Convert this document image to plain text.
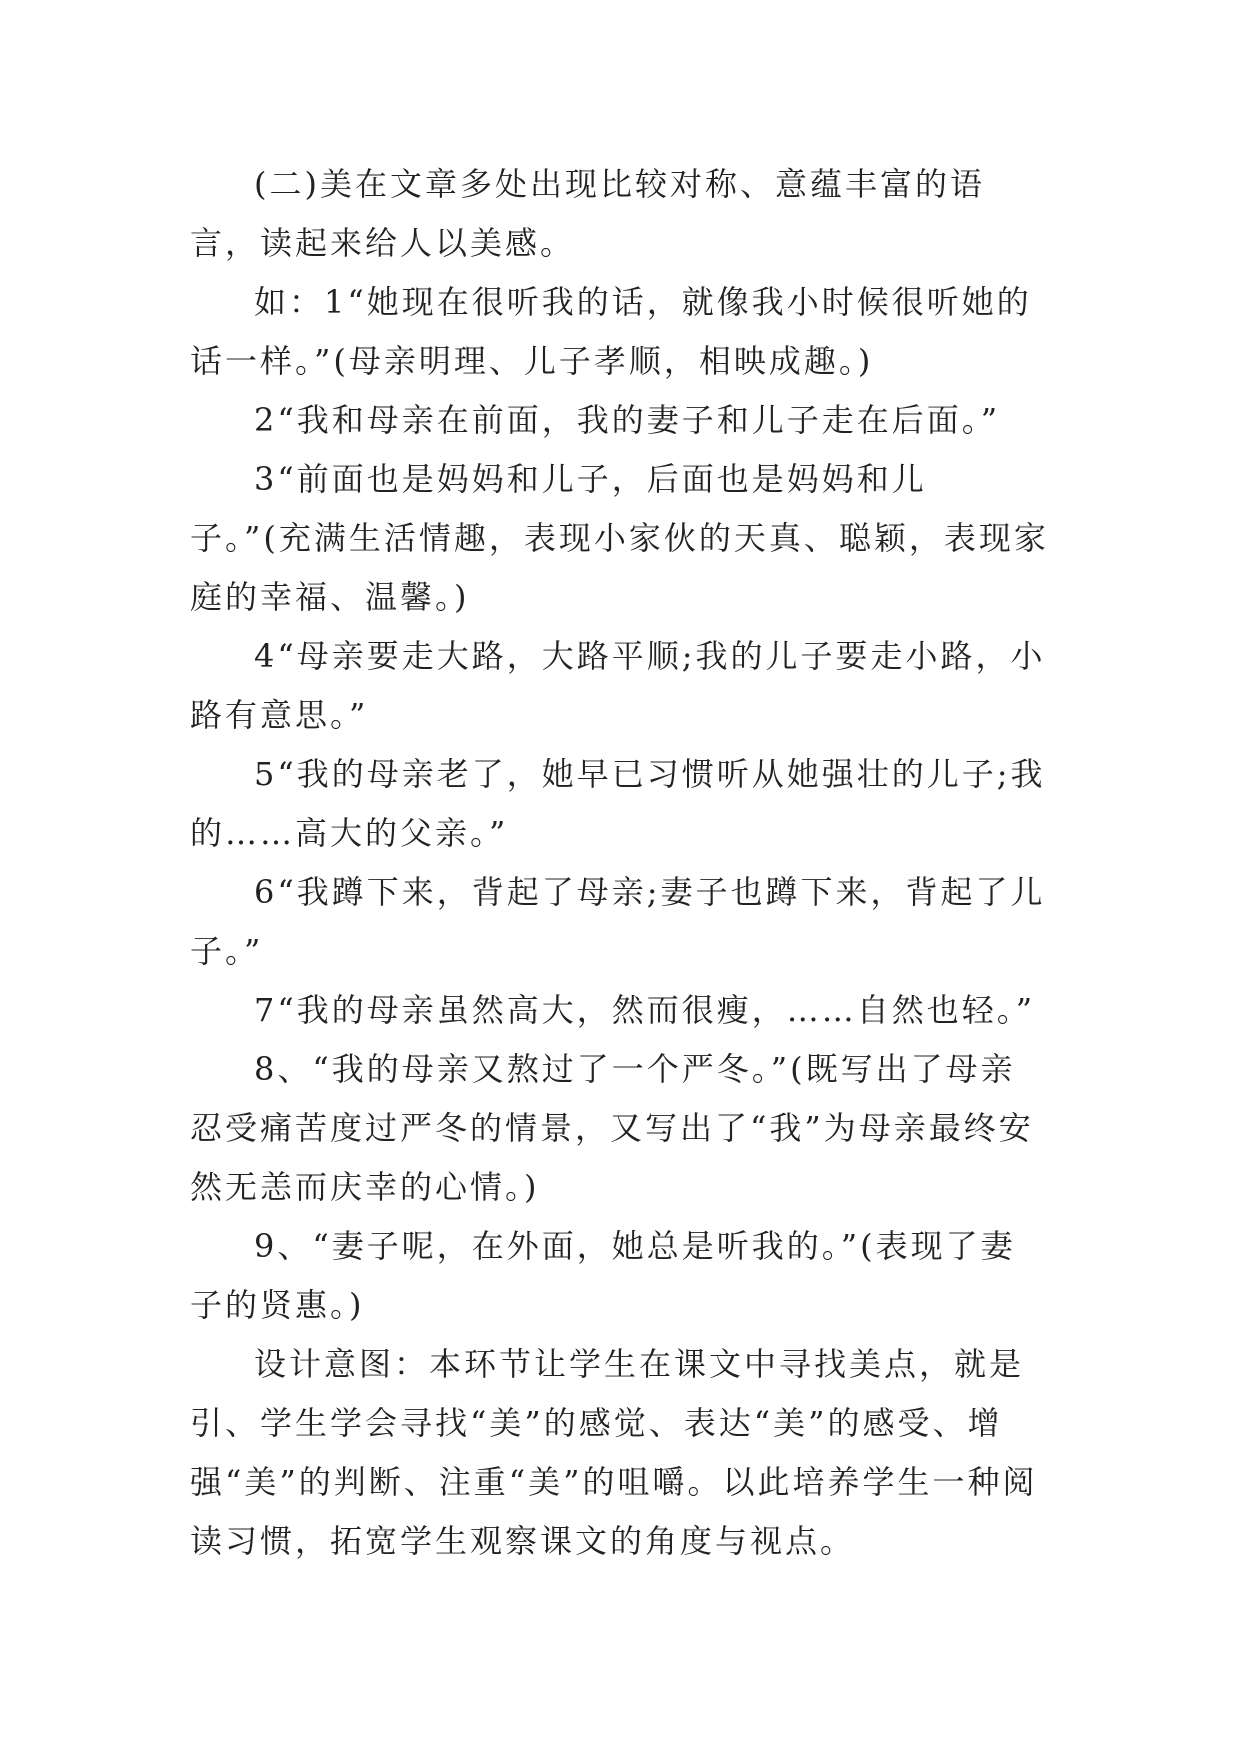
(二)美在文章多处出现比较对称、意蕴丰富的语言，读起来给人以美感。

如：1“她现在很听我的话，就像我小时候很听她的话一样。”(母亲明理、儿子孝顺，相映成趣。)

2“我和母亲在前面，我的妻子和儿子走在后面。”

3“前面也是妈妈和儿子，后面也是妈妈和儿子。”(充满生活情趣，表现小家伙的天真、聪颖，表现家庭的幸福、温馨。)

4“母亲要走大路，大路平顺;我的儿子要走小路，小路有意思。”

5“我的母亲老了，她早已习惯听从她强壮的儿子;我的……高大的父亲。”

6“我蹲下来，背起了母亲;妻子也蹲下来，背起了儿子。”

7“我的母亲虽然高大，然而很瘦，……自然也轻。”

8、“我的母亲又熬过了一个严冬。”(既写出了母亲忍受痛苦度过严冬的情景，又写出了“我”为母亲最终安然无恙而庆幸的心情。)

9、“妻子呢，在外面，她总是听我的。”(表现了妻子的贤惠。)

设计意图：本环节让学生在课文中寻找美点，就是引、学生学会寻找“美”的感觉、表达“美”的感受、增强“美”的判断、注重“美”的咀嚼。以此培养学生一种阅读习惯，拓宽学生观察课文的角度与视点。
